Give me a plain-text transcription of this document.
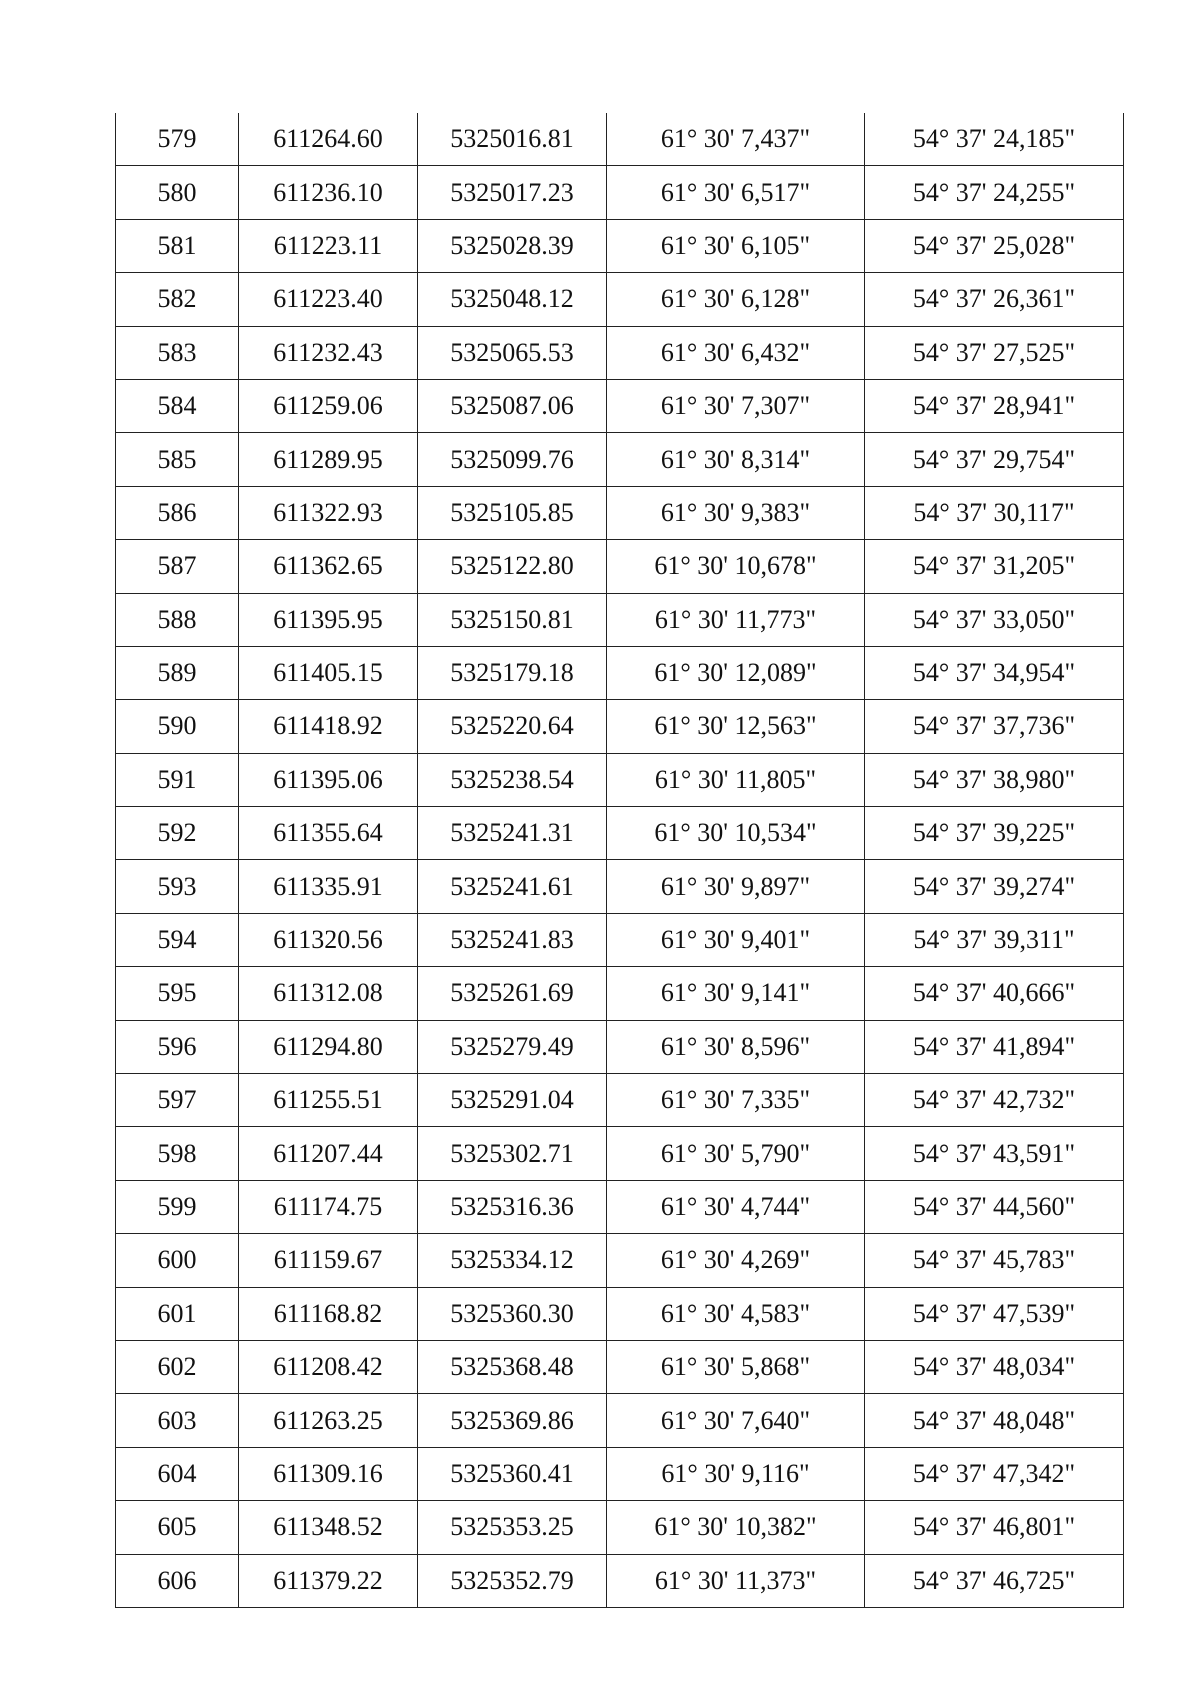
579	611264.60	5325016.81	61° 30' 7,437"	54° 37' 24,185"
580	611236.10	5325017.23	61° 30' 6,517"	54° 37' 24,255"
581	611223.11	5325028.39	61° 30' 6,105"	54° 37' 25,028"
582	611223.40	5325048.12	61° 30' 6,128"	54° 37' 26,361"
583	611232.43	5325065.53	61° 30' 6,432"	54° 37' 27,525"
584	611259.06	5325087.06	61° 30' 7,307"	54° 37' 28,941"
585	611289.95	5325099.76	61° 30' 8,314"	54° 37' 29,754"
586	611322.93	5325105.85	61° 30' 9,383"	54° 37' 30,117"
587	611362.65	5325122.80	61° 30' 10,678"	54° 37' 31,205"
588	611395.95	5325150.81	61° 30' 11,773"	54° 37' 33,050"
589	611405.15	5325179.18	61° 30' 12,089"	54° 37' 34,954"
590	611418.92	5325220.64	61° 30' 12,563"	54° 37' 37,736"
591	611395.06	5325238.54	61° 30' 11,805"	54° 37' 38,980"
592	611355.64	5325241.31	61° 30' 10,534"	54° 37' 39,225"
593	611335.91	5325241.61	61° 30' 9,897"	54° 37' 39,274"
594	611320.56	5325241.83	61° 30' 9,401"	54° 37' 39,311"
595	611312.08	5325261.69	61° 30' 9,141"	54° 37' 40,666"
596	611294.80	5325279.49	61° 30' 8,596"	54° 37' 41,894"
597	611255.51	5325291.04	61° 30' 7,335"	54° 37' 42,732"
598	611207.44	5325302.71	61° 30' 5,790"	54° 37' 43,591"
599	611174.75	5325316.36	61° 30' 4,744"	54° 37' 44,560"
600	611159.67	5325334.12	61° 30' 4,269"	54° 37' 45,783"
601	611168.82	5325360.30	61° 30' 4,583"	54° 37' 47,539"
602	611208.42	5325368.48	61° 30' 5,868"	54° 37' 48,034"
603	611263.25	5325369.86	61° 30' 7,640"	54° 37' 48,048"
604	611309.16	5325360.41	61° 30' 9,116"	54° 37' 47,342"
605	611348.52	5325353.25	61° 30' 10,382"	54° 37' 46,801"
606	611379.22	5325352.79	61° 30' 11,373"	54° 37' 46,725"
